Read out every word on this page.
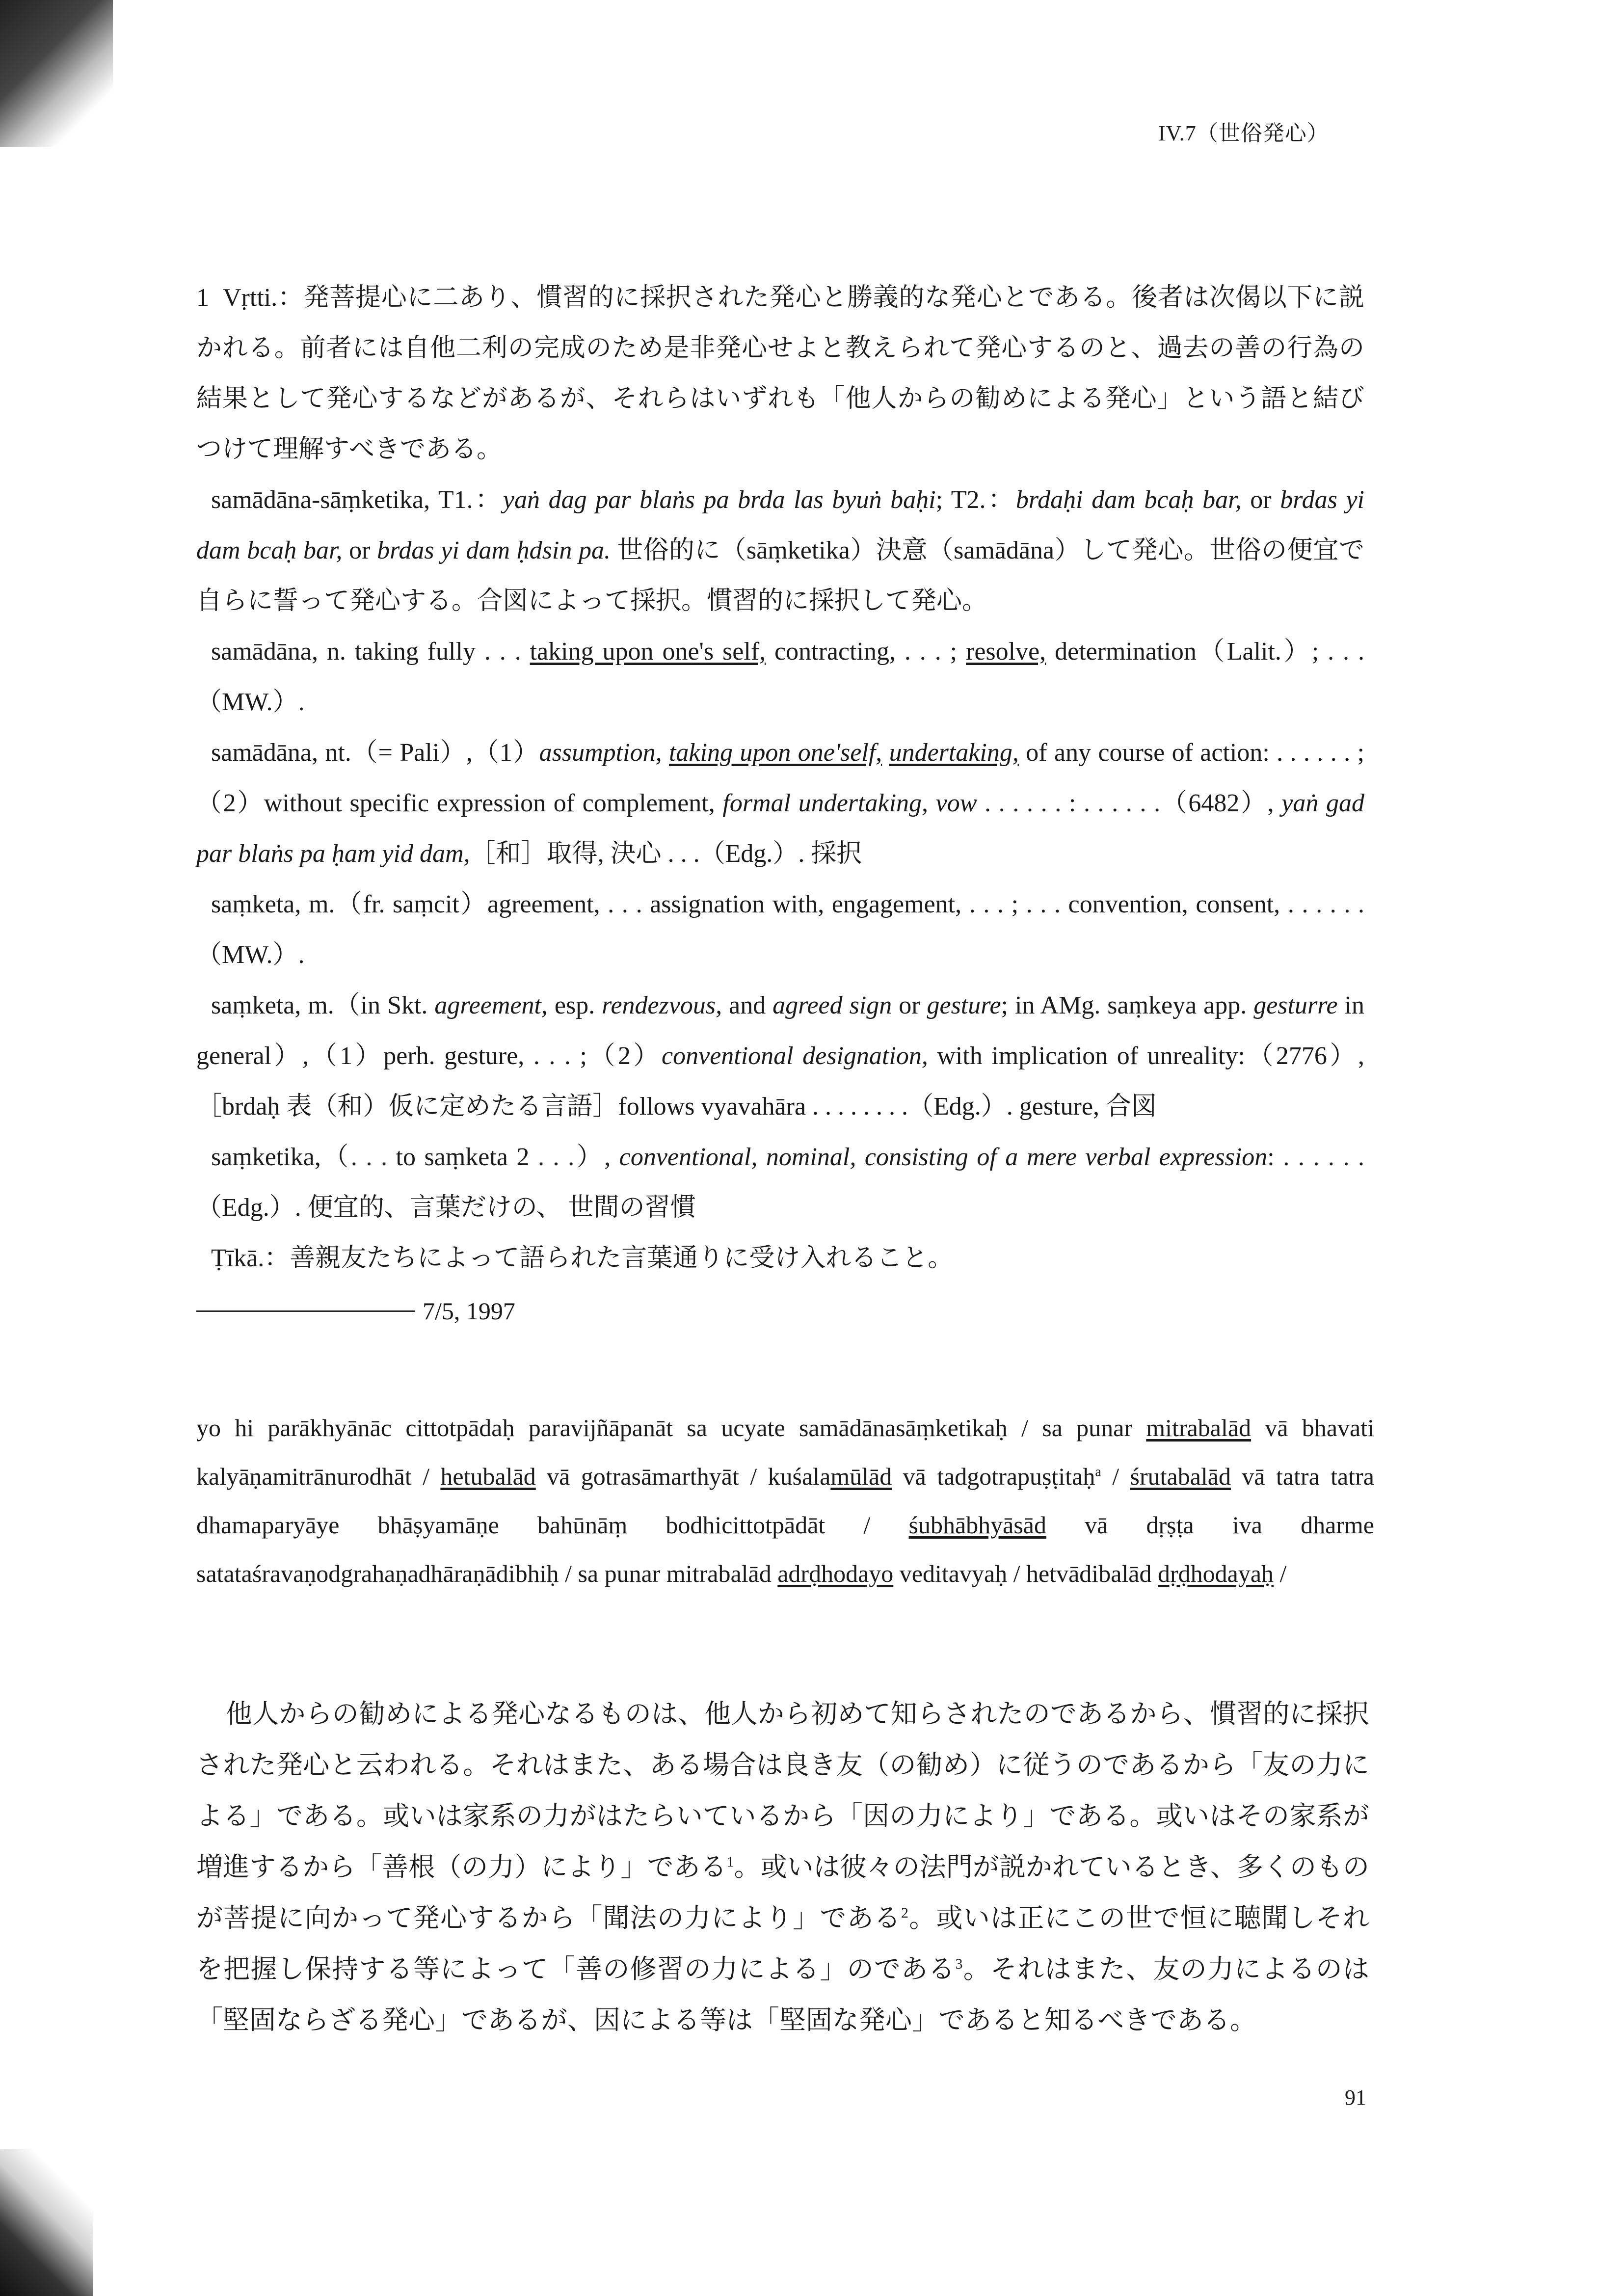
IV.7（世俗発心）

1 Vṛtti.：発菩提心に二あり、慣習的に採択された発心と勝義的な発心とである。後者は次偈以下に説かれる。前者には自他二利の完成のため是非発心せよと教えられて発心するのと、過去の善の行為の結果として発心するなどがあるが、それらはいずれも「他人からの勧めによる発心」という語と結びつけて理解すべきである。

samādāna-sāṃketika, T1.：yaṅ dag par blaṅs pa brda las byuṅ baḥi; T2.：brdaḥi dam bcaḥ bar, or brdas yi dam bcaḥ bar, or brdas yi dam ḥdsin pa. 世俗的に（sāṃketika）決意（samādāna）して発心。世俗の便宜で自らに誓って発心する。合図によって採択。慣習的に採択して発心。

samādāna, n. taking fully . . . taking upon one's self, contracting, . . . ; resolve, determination（Lalit.）; . . .（MW.）.

samādāna, nt.（= Pali）,（1）assumption, taking upon one'self, undertaking, of any course of action: . . . . . . ;（2）without specific expression of complement, formal undertaking, vow . . . . . . : . . . . . .（6482）, yaṅ gad par blaṅs pa ḥam yid dam,［和］取得, 決心 . . .（Edg.）. 採択

saṃketa, m.（fr. saṃcit）agreement, . . . assignation with, engagement, . . . ; . . . convention, consent, . . . . . .（MW.）.

saṃketa, m.（in Skt. agreement, esp. rendezvous, and agreed sign or gesture; in AMg. saṃkeya app. gesturre in general）,（1）perh. gesture, . . . ;（2）conventional designation, with implication of unreality:（2776）,［brdaḥ 表（和）仮に定めたる言語］follows vyavahāra . . . . . . . .（Edg.）. gesture, 合図

saṃketika,（. . . to saṃketa 2 . . .）, conventional, nominal, consisting of a mere verbal expression: . . . . . .（Edg.）. 便宜的、言葉だけの、 世間の習慣

Ṭīkā.：善親友たちによって語られた言葉通りに受け入れること。

7/5, 1997

yo hi parākhyānāc cittotpādaḥ paravijñāpanāt sa ucyate samādānasāṃketikaḥ / sa punar mitrabalād vā bhavati kalyāṇamitrānurodhāt / hetubalād vā gotrasāmarthyāt / kuśalamūlād vā tadgotrapuṣṭitaḥ$^a$ / śrutabalād vā tatra tatra dhamaparyāye bhāṣyamāṇe bahūnāṃ bodhicittotpādāt / śubhābhyāsād vā dṛṣṭa iva dharme satataśravaṇodgrahaṇadhāraṇādibhiḥ / sa punar mitrabalād adrḍhodayo veditavyaḥ / hetvādibalād dṛḍhodayaḥ /

他人からの勧めによる発心なるものは、他人から初めて知らされたのであるから、慣習的に採択された発心と云われる。それはまた、ある場合は良き友（の勧め）に従うのであるから「友の力による」である。或いは家系の力がはたらいているから「因の力により」である。或いはその家系が増進するから「善根（の力）により」である$^1$。或いは彼々の法門が説かれているとき、多くのものが菩提に向かって発心するから「聞法の力により」である$^2$。或いは正にこの世で恒に聴聞しそれを把握し保持する等によって「善の修習の力による」のである$^3$。それはまた、友の力によるのは「堅固ならざる発心」であるが、因による等は「堅固な発心」であると知るべきである。

91
